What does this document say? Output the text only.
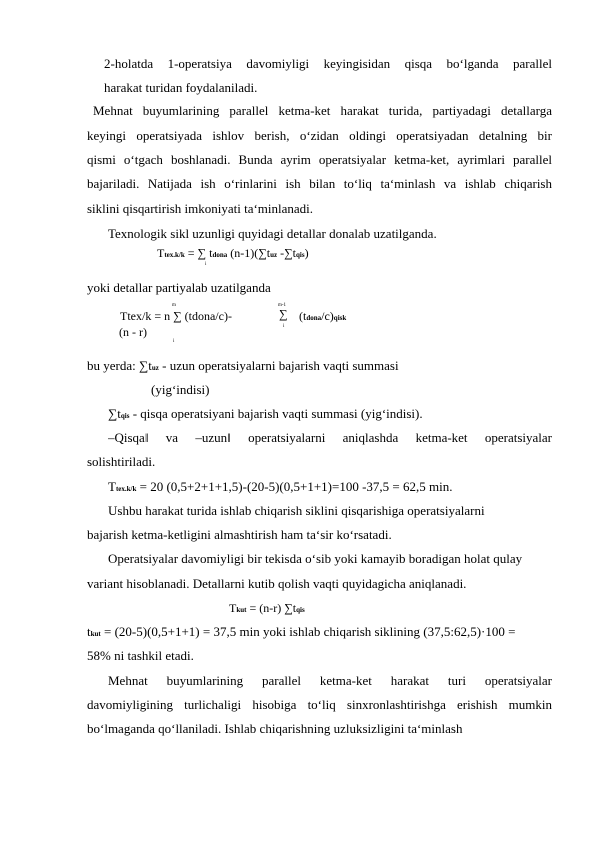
2-holatda 1-operatsiya davomiyligi keyingisidan qisqa bo‘lganda parallel
harakat turidan foydalaniladi.
Mehnat buyumlarining parallel ketma-ket harakat turida, partiyadagi detallarga
keyingi operatsiyada ishlov berish, o‘zidan oldingi operatsiyadan detalning bir
qismi o‘tgach boshlanadi. Bunda ayrim operatsiyalar ketma-ket, ayrimlari parallel
bajariladi. Natijada ish o‘rinlarini ish bilan to‘liq ta‘minlash va ishlab chiqarish
siklini qisqartirish imkoniyati ta‘minlanadi.
Texnologik sikl uzunligi quyidagi detallar donalab uzatilganda.
Ttex.k/k = ∑ tdona (n-1)(∑tuz -∑tqis)
i
yoki detallar partiyalab uzatilganda
m	m-1
Ttex/k = n ∑ (tdona/c)-	∑ (tdona/c)qisk
(n - r)	i
i
bu yerda: ∑tuz - uzun operatsiyalarni bajarish vaqti summasi
(yig‘indisi)
∑tqis - qisqa operatsiyani bajarish vaqti summasi (yig‘indisi).
‒Qisqa‖ va ‒uzun‖ operatsiyalarni aniqlashda ketma-ket operatsiyalar
solishtiriladi.
Ttex.k/k = 20 (0,5+2+1+1,5)-(20-5)(0,5+1+1)=100 -37,5 = 62,5 min.
Ushbu harakat turida ishlab chiqarish siklini qisqarishiga operatsiyalarni
bajarish ketma-ketligini almashtirish ham ta‘sir ko‘rsatadi.
Operatsiyalar davomiyligi bir tekisda o‘sib yoki kamayib boradigan holat qulay
variant hisoblanadi. Detallarni kutib qolish vaqti quyidagicha aniqlanadi.
Tkut = (n-r) ∑tqis
tkut = (20-5)(0,5+1+1) = 37,5 min yoki ishlab chiqarish siklining (37,5:62,5)·100 =
58% ni tashkil etadi.
Mehnat buyumlarining parallel ketma-ket harakat turi operatsiyalar
davomiyligining turlichaligi hisobiga to‘liq sinxronlashtirishga erishish mumkin
bo‘lmaganda qo‘llaniladi. Ishlab chiqarishning uzluksizligini ta‘minlash
